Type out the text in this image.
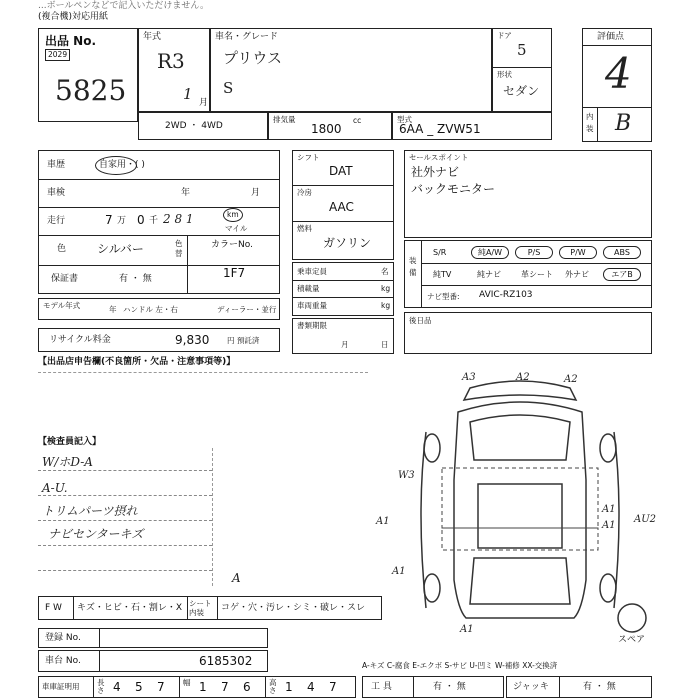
...ボールペンなどで記入いただけません。
(複合機)対応用紙
出品 No.
2029
5825
年式
R3
1 月
車名・グレード
プリウス
S
ドア
5
形状
セダン
評価点
4
内装 B
2WD ・ 4WD
排気量
1800
cc	型式
6AA _ ZVW51
車歴	自家用・( )
車検	年	月
走行	7 万 0 千 2 8 1	km
マイル
色	シルバー	色替
カラーNo.
1F7
保証書	有 ・ 無
モデル年式	年 ハンドル 左・右	ディーラー・並行
リサイクル料金	9,830 円 預託済
シフト
DAT
冷房
AAC
燃料
ガソリン
乗車定員	名
積載量	kg
車両重量	kg
書類期限
月	日
セールスポイント
社外ナビ
バックモニター
装備
ナビ型番: AVIC-RZ103
S/R	純A/W	P/S	P/W	ABS
純TV	純ナビ	革シート 外ナビ	エアB
後日品
【出品店申告欄(不良箇所・欠品・注意事項等)】
【検査員記入】
W/ホD-A
A-U.
トリムパーツ摂れ
ナビセンターキズ
スペア
A3	A2	A2
W3
A1
A1
A1
A1
AU2
A1
A
F W キズ・ヒビ・石・割レ・X シート内装	コゲ・穴・汚レ・シミ・破レ・スレ
登録 No.
車台 No.	6185302	A-キズ C-腐食 E-エクボ S-サビ U-凹ミ W-補修 XX-交換済
車庫証明用 長さ 4 5 7 幅 1 7 6 高さ 1 4 7	工 具	有 ・ 無	ジャッキ	有 ・ 無
